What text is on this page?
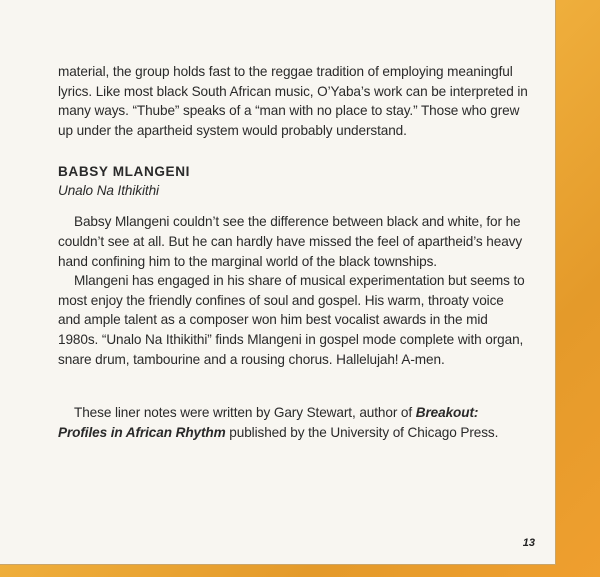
material, the group holds fast to the reggae tradition of employing meaningful lyrics. Like most black South African music, O’Yaba’s work can be interpreted in many ways. “Thube” speaks of a “man with no place to stay.” Those who grew up under the apartheid system would probably understand.

BABSY MLANGENI

Unalo Na Ithikithi

Babsy Mlangeni couldn’t see the difference between black and white, for he couldn’t see at all. But he can hardly have missed the feel of apartheid’s heavy hand confining him to the marginal world of the black townships.

Mlangeni has engaged in his share of musical experimentation but seems to most enjoy the friendly confines of soul and gospel. His warm, throaty voice and ample talent as a composer won him best vocalist awards in the mid 1980s. “Unalo Na Ithikithi” finds Mlangeni in gospel mode complete with organ, snare drum, tambourine and a rousing chorus. Hallelujah! A-men.

These liner notes were written by Gary Stewart, author of Breakout: Profiles in African Rhythm published by the University of Chicago Press.

13
